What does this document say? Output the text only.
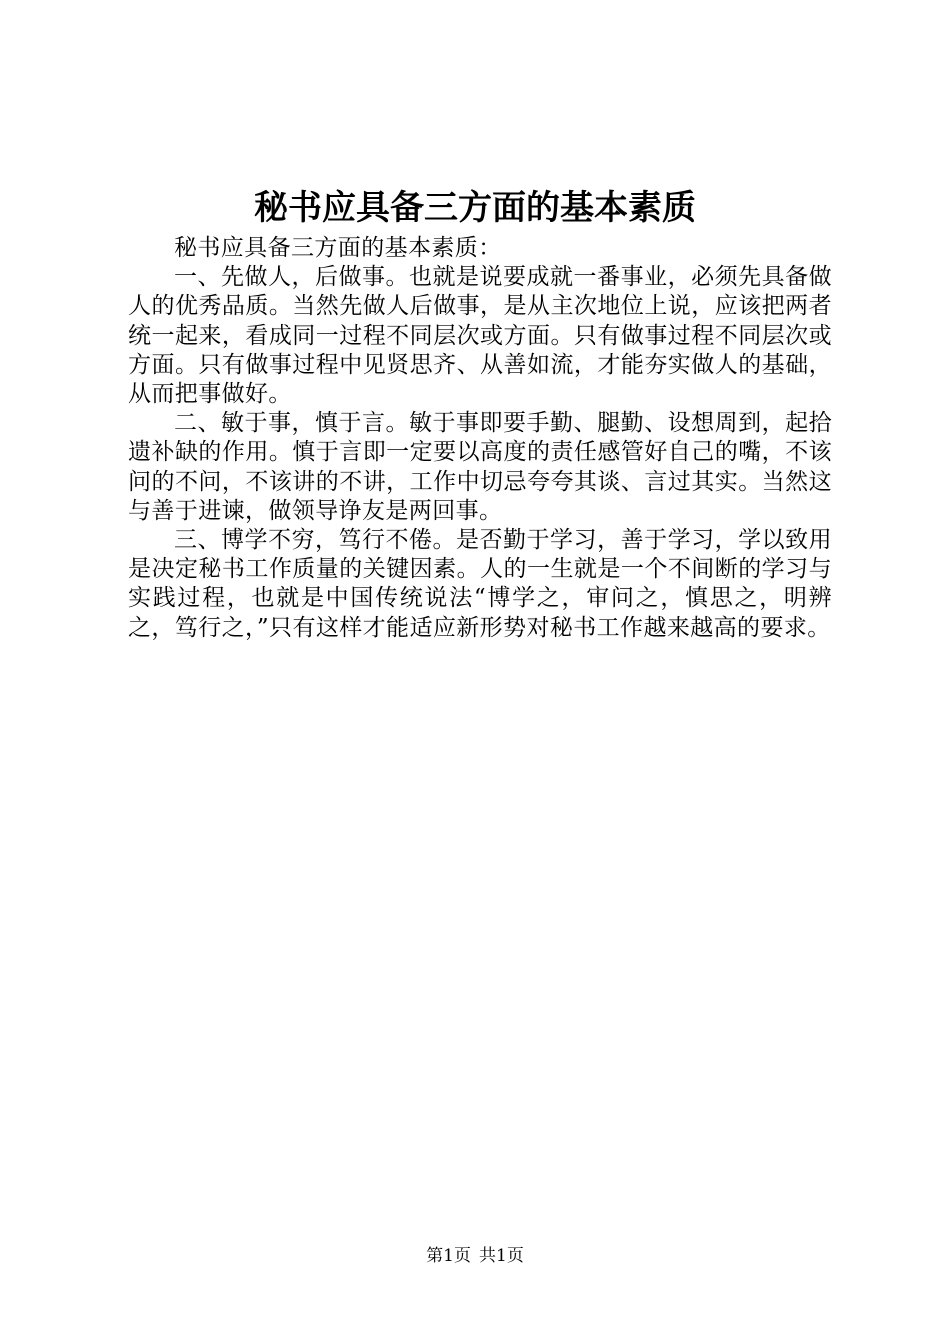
秘书应具备三方面的基本素质

秘书应具备三方面的基本素质：

一、先做人，后做事。也就是说要成就一番事业，必须先具备做人的优秀品质。当然先做人后做事，是从主次地位上说，应该把两者统一起来，看成同一过程不同层次或方面。只有做事过程不同层次或方面。只有做事过程中见贤思齐、从善如流，才能夯实做人的基础，从而把事做好。

二、敏于事，慎于言。敏于事即要手勤、腿勤、设想周到，起拾遗补缺的作用。慎于言即一定要以高度的责任感管好自己的嘴，不该问的不问，不该讲的不讲，工作中切忌夸夸其谈、言过其实。当然这与善于进谏，做领导诤友是两回事。

三、博学不穷，笃行不倦。是否勤于学习，善于学习，学以致用是决定秘书工作质量的关键因素。人的一生就是一个不间断的学习与实践过程，也就是中国传统说法“博学之，审问之，慎思之，明辨之，笃行之，”只有这样才能适应新形势对秘书工作越来越高的要求。

第1页 共1页
